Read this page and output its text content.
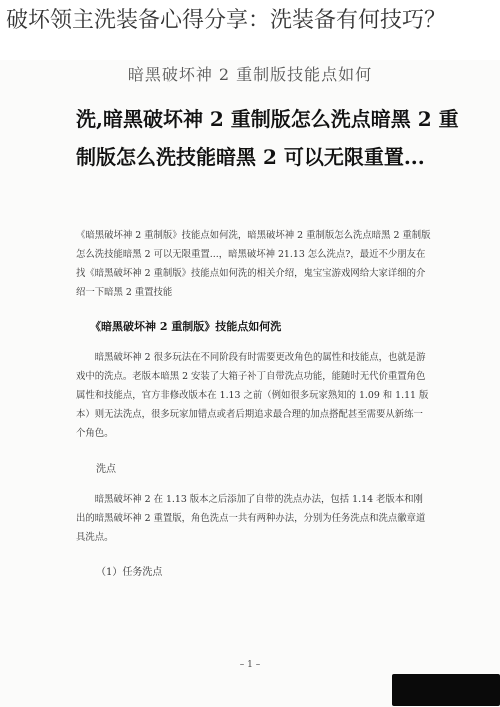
破坏领主洗装备心得分享：洗装备有何技巧？
暗黑破坏神 2 重制版技能点如何
洗,暗黑破坏神 2 重制版怎么洗点暗黑 2 重制版怎么洗技能暗黑 2 可以无限重置...
《暗黑破坏神 2 重制版》技能点如何洗，暗黑破坏神 2 重制版怎么洗点暗黑 2 重制版怎么洗技能暗黑 2 可以无限重置...，暗黑破坏神 21.13 怎么洗点?，最近不少朋友在找《暗黑破坏神 2 重制版》技能点如何洗的相关介绍，鬼宝宝游戏网给大家详细的介绍一下暗黑 2 重置技能
《暗黑破坏神 2 重制版》技能点如何洗
暗黑破坏神 2 很多玩法在不同阶段有时需要更改角色的属性和技能点，也就是游戏中的洗点。老版本暗黑 2 安装了大箱子补丁自带洗点功能，能随时无代价重置角色属性和技能点，官方非修改版本在 1.13 之前（例如很多玩家熟知的 1.09 和 1.11 版本）则无法洗点，很多玩家加错点或者后期追求最合理的加点搭配甚至需要从新练一个角色。
洗点
暗黑破坏神 2 在 1.13 版本之后添加了自带的洗点办法，包括 1.14 老版本和刚出的暗黑破坏神 2 重置版，角色洗点一共有两种办法，分别为任务洗点和洗点徽章道具洗点。
（1）任务洗点
– 1 –
